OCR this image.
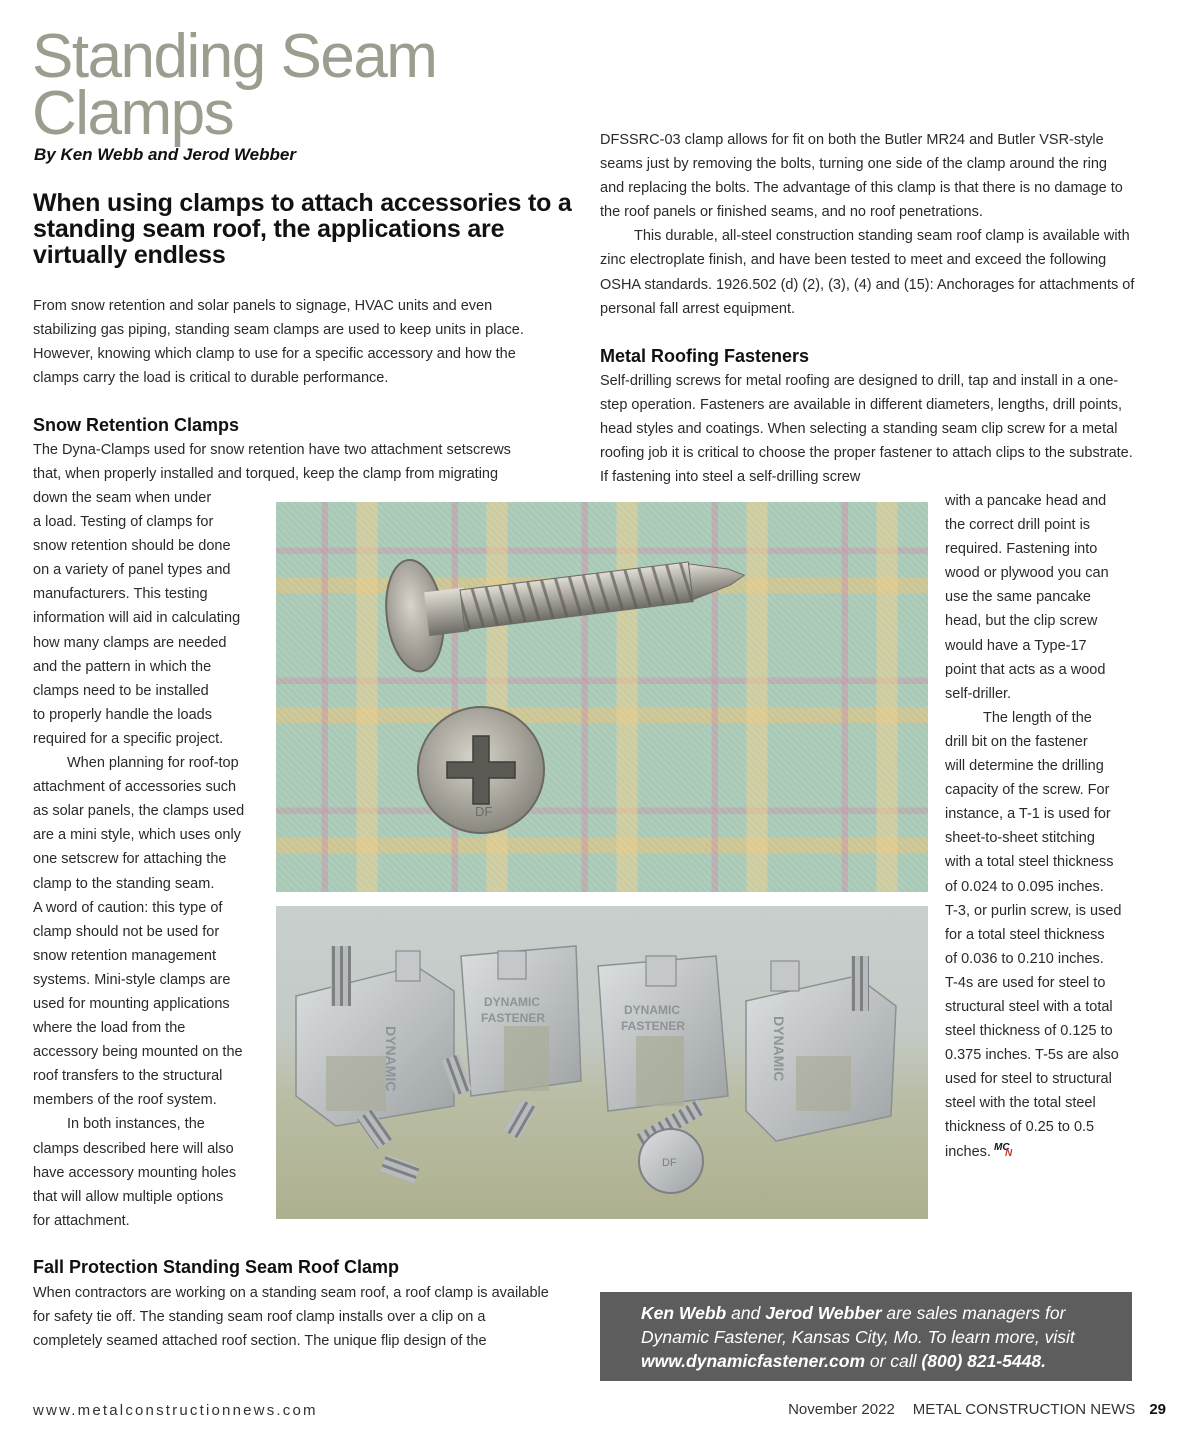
Standing Seam
Clamps
By Ken Webb and Jerod Webber
When using clamps to attach accessories to a standing seam roof, the applications are virtually endless

From snow retention and solar panels to signage, HVAC units and even stabilizing gas piping, standing seam clamps are used to keep units in place. However, knowing which clamp to use for a specific accessory and how the clamps carry the load is critical to durable performance.

Snow Retention Clamps

The Dyna-Clamps used for snow retention have two attachment setscrews that, when properly installed and torqued, keep the clamp from migrating

down the seam when under
a load. Testing of clamps for
snow retention should be done
on a variety of panel types and
manufacturers. This testing
information will aid in calculating
how many clamps are needed
and the pattern in which the
clamps need to be installed
to properly handle the loads
required for a specific project.
When planning for roof-top
attachment of accessories such
as solar panels, the clamps used
are a mini style, which uses only
one setscrew for attaching the
clamp to the standing seam.
A word of caution: this type of
clamp should not be used for
snow retention management
systems. Mini-style clamps are
used for mounting applications
where the load from the
accessory being mounted on the
roof transfers to the structural
members of the roof system.
In both instances, the
clamps described here will also
have accessory mounting holes
that will allow multiple options
for attachment.
Fall Protection Standing Seam Roof Clamp

When contractors are working on a standing seam roof, a roof clamp is available for safety tie off. The standing seam roof clamp installs over a clip on a completely seamed attached roof section. The unique flip design of the

DFSSRC-03 clamp allows for fit on both the Butler MR24 and Butler VSR-style seams just by removing the bolts, turning one side of the clamp around the ring and replacing the bolts. The advantage of this clamp is that there is no damage to the roof panels or finished seams, and no roof penetrations.

This durable, all-steel construction standing seam roof clamp is available with zinc electroplate finish, and have been tested to meet and exceed the following OSHA standards. 1926.502 (d) (2), (3), (4) and (15): Anchorages for attachments of personal fall arrest equipment.

Metal Roofing Fasteners

Self-drilling screws for metal roofing are designed to drill, tap and install in a one-step operation. Fasteners are available in different diameters, lengths, drill points, head styles and coatings. When selecting a standing seam clip screw for a metal roofing job it is critical to choose the proper fastener to attach clips to the substrate. If fastening into steel a self-drilling screw

with a pancake head and
the correct drill point is
required. Fastening into
wood or plywood you can
use the same pancake
head, but the clip screw
would have a Type-17
point that acts as a wood
self-driller.
The length of the
drill bit on the fastener
will determine the drilling
capacity of the screw. For
instance, a T-1 is used for
sheet-to-sheet stitching
with a total steel thickness
of 0.024 to 0.095 inches.
T-3, or purlin screw, is used
for a total steel thickness
of 0.036 to 0.210 inches.
T-4s are used for steel to
structural steel with a total
steel thickness of 0.125 to
0.375 inches. T-5s are also
used for steel to structural
steel with the total steel
thickness of 0.25 to 0.5
inches. MC
N
DF
DYNAMIC
DYNAMIC
FASTENER
DYNAMIC
FASTENER	DYNAMIC
DF
Ken Webb and Jerod Webber are sales managers for Dynamic Fastener, Kansas City, Mo. To learn more, visit www.dynamicfastener.com or call (800) 821-5448.
www.metalconstructionnews.com	November 2022 METAL CONSTRUCTION NEWS 29
